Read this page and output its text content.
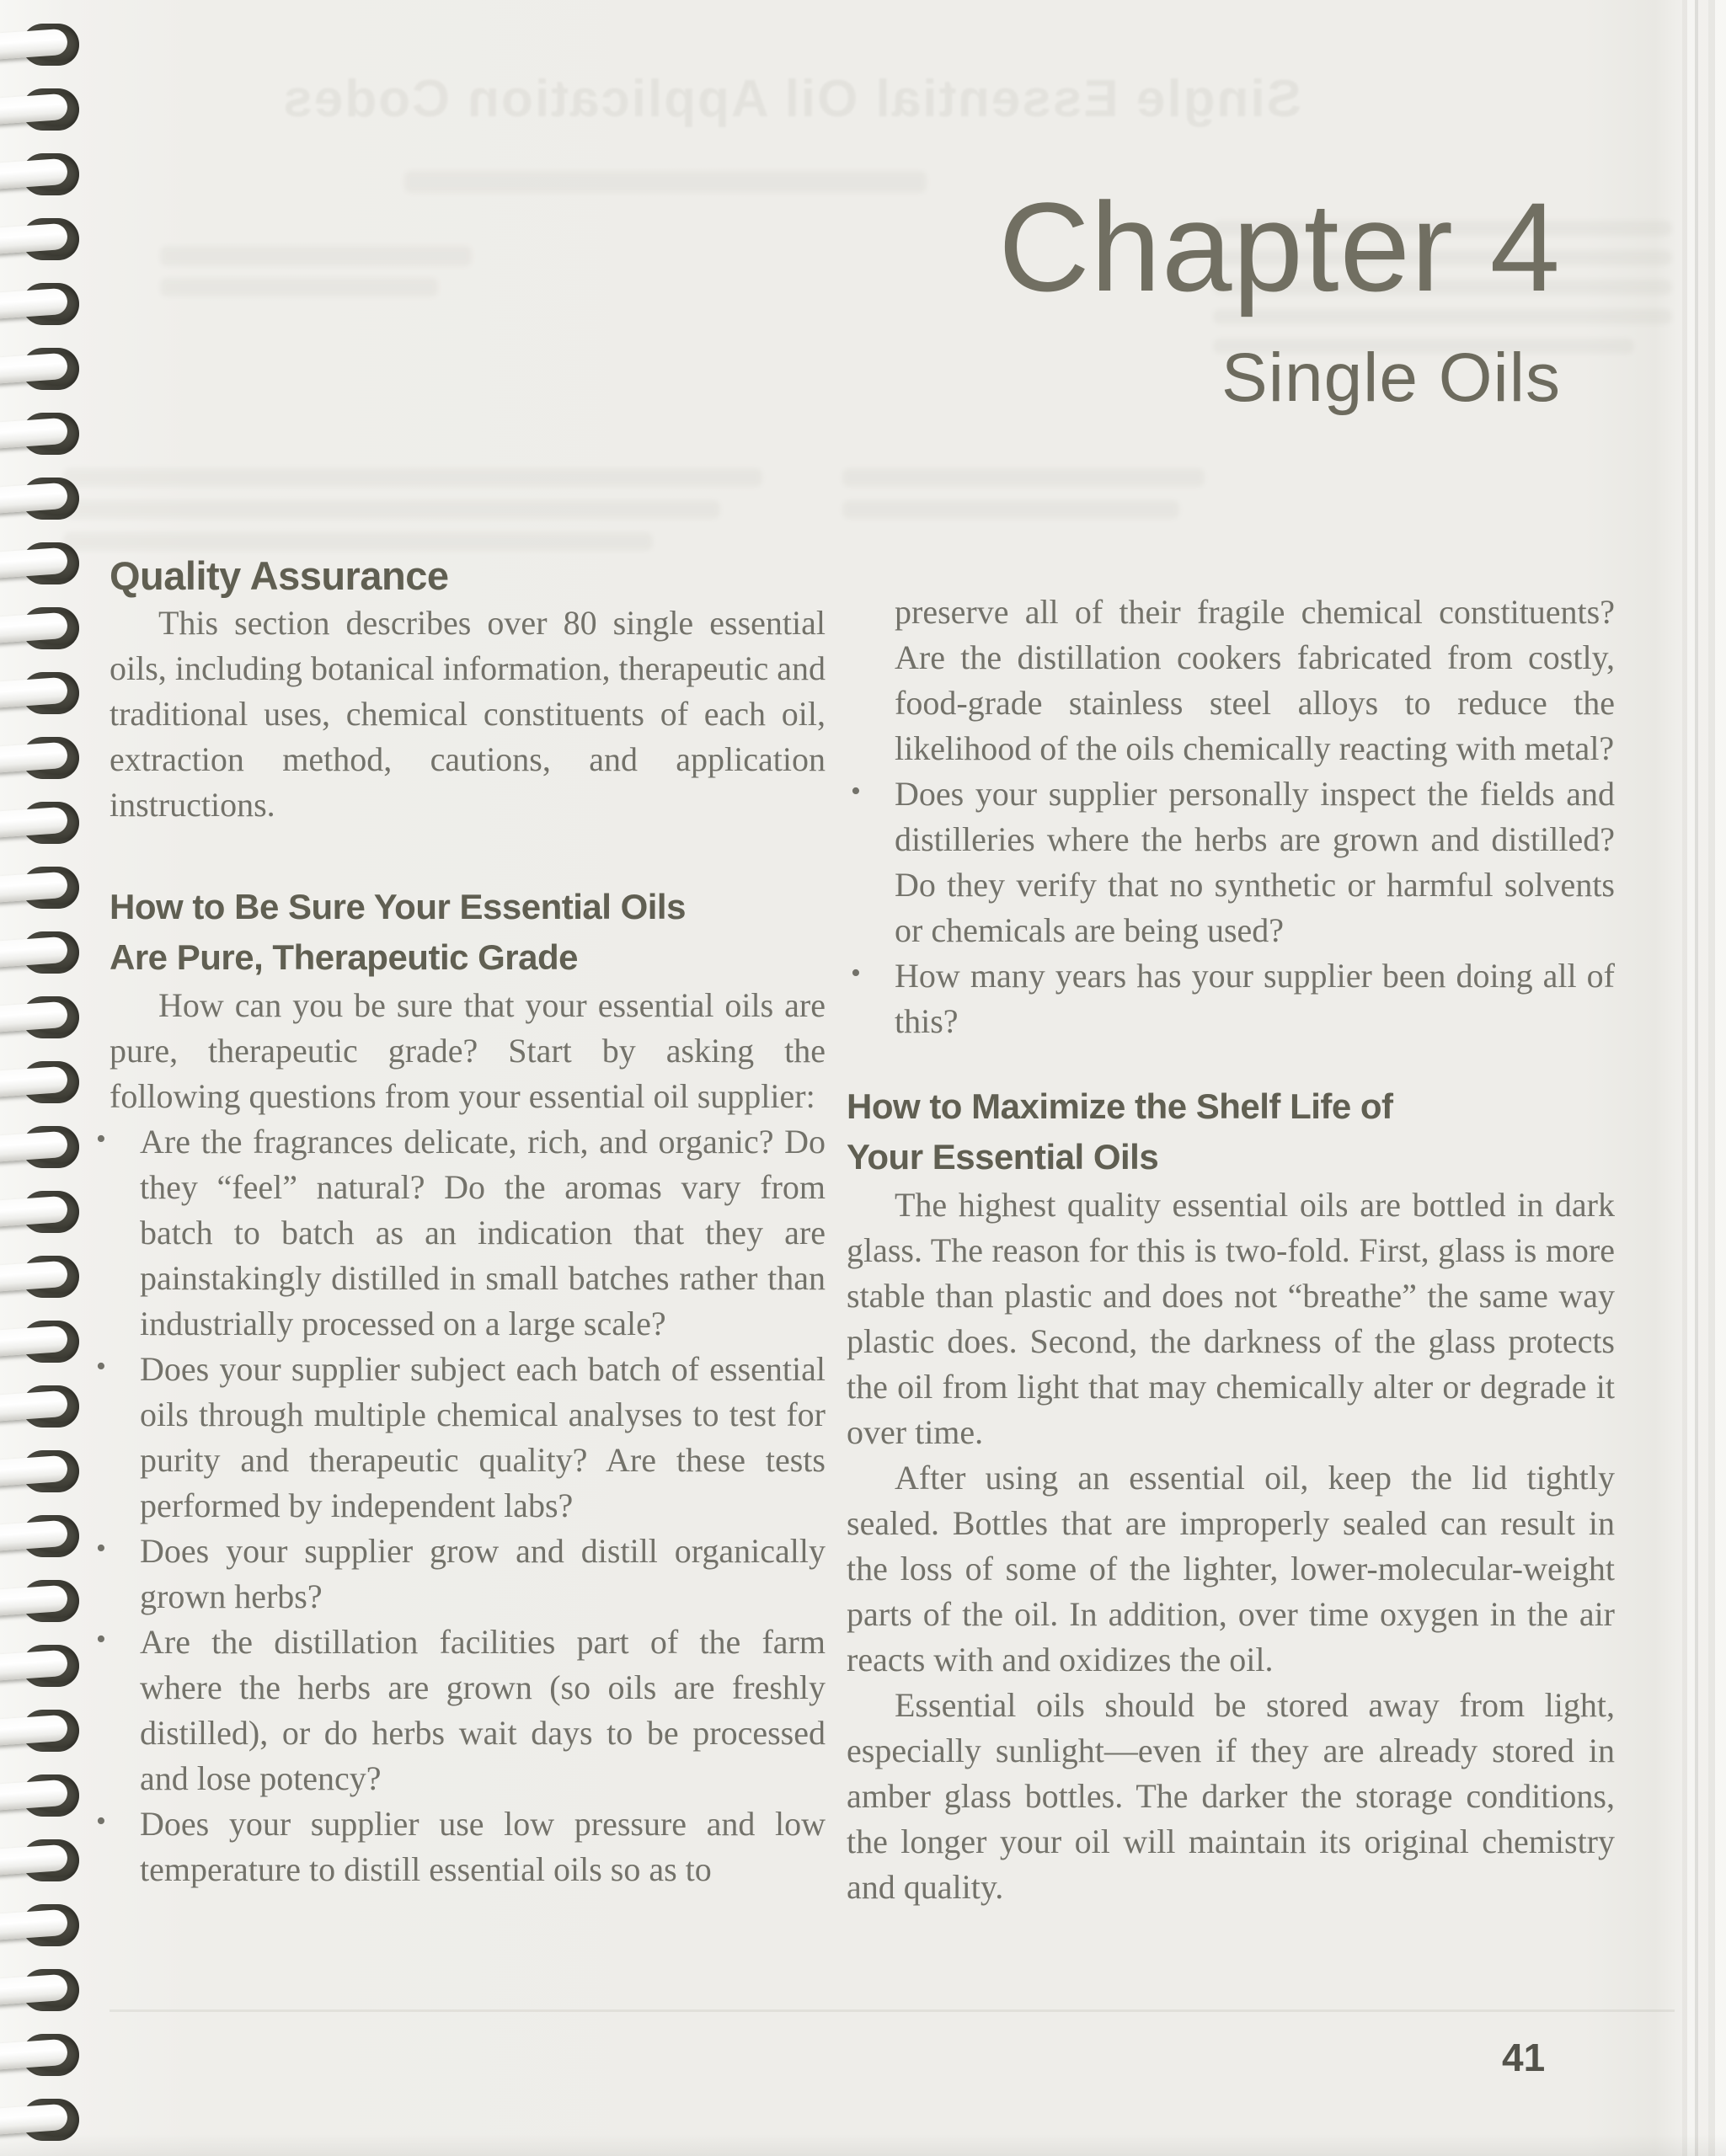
Single Essential Oil Application Codes
Chapter 4
Single Oils
Quality Assurance

This section describes over 80 single essential oils, including botanical information, therapeutic and traditional uses, chemical constituents of each oil, extraction method, cautions, and application instructions.

How to Be Sure Your Essential Oils
Are Pure, Therapeutic Grade

How can you be sure that your essential oils are pure, therapeutic grade? Start by asking the following questions from your essential oil supplier:

• Are the fragrances delicate, rich, and organic? Do they “feel” natural? Do the aromas vary from batch to batch as an indication that they are painstakingly distilled in small batches rather than industrially processed on a large scale?
• Does your supplier subject each batch of essential oils through multiple chemical analyses to test for purity and therapeutic quality? Are these tests performed by independent labs?
• Does your supplier grow and distill organically grown herbs?
• Are the distillation facilities part of the farm where the herbs are grown (so oils are freshly distilled), or do herbs wait days to be processed and lose potency?
• Does your supplier use low pressure and low temperature to distill essential oils so as to

preserve all of their fragile chemical constituents? Are the distillation cookers fabricated from costly, food-grade stainless steel alloys to reduce the likelihood of the oils chemically reacting with metal?

• Does your supplier personally inspect the fields and distilleries where the herbs are grown and distilled? Do they verify that no synthetic or harmful solvents or chemicals are being used?
• How many years has your supplier been doing all of this?
How to Maximize the Shelf Life of
Your Essential Oils

The highest quality essential oils are bottled in dark glass. The reason for this is two-fold. First, glass is more stable than plastic and does not “breathe” the same way plastic does. Second, the darkness of the glass protects the oil from light that may chemically alter or degrade it over time.

After using an essential oil, keep the lid tightly sealed. Bottles that are improperly sealed can result in the loss of some of the lighter, lower-molecular-weight parts of the oil. In addition, over time oxygen in the air reacts with and oxidizes the oil.

Essential oils should be stored away from light, especially sunlight—even if they are already stored in amber glass bottles. The darker the storage conditions, the longer your oil will maintain its original chemistry and quality.

41
